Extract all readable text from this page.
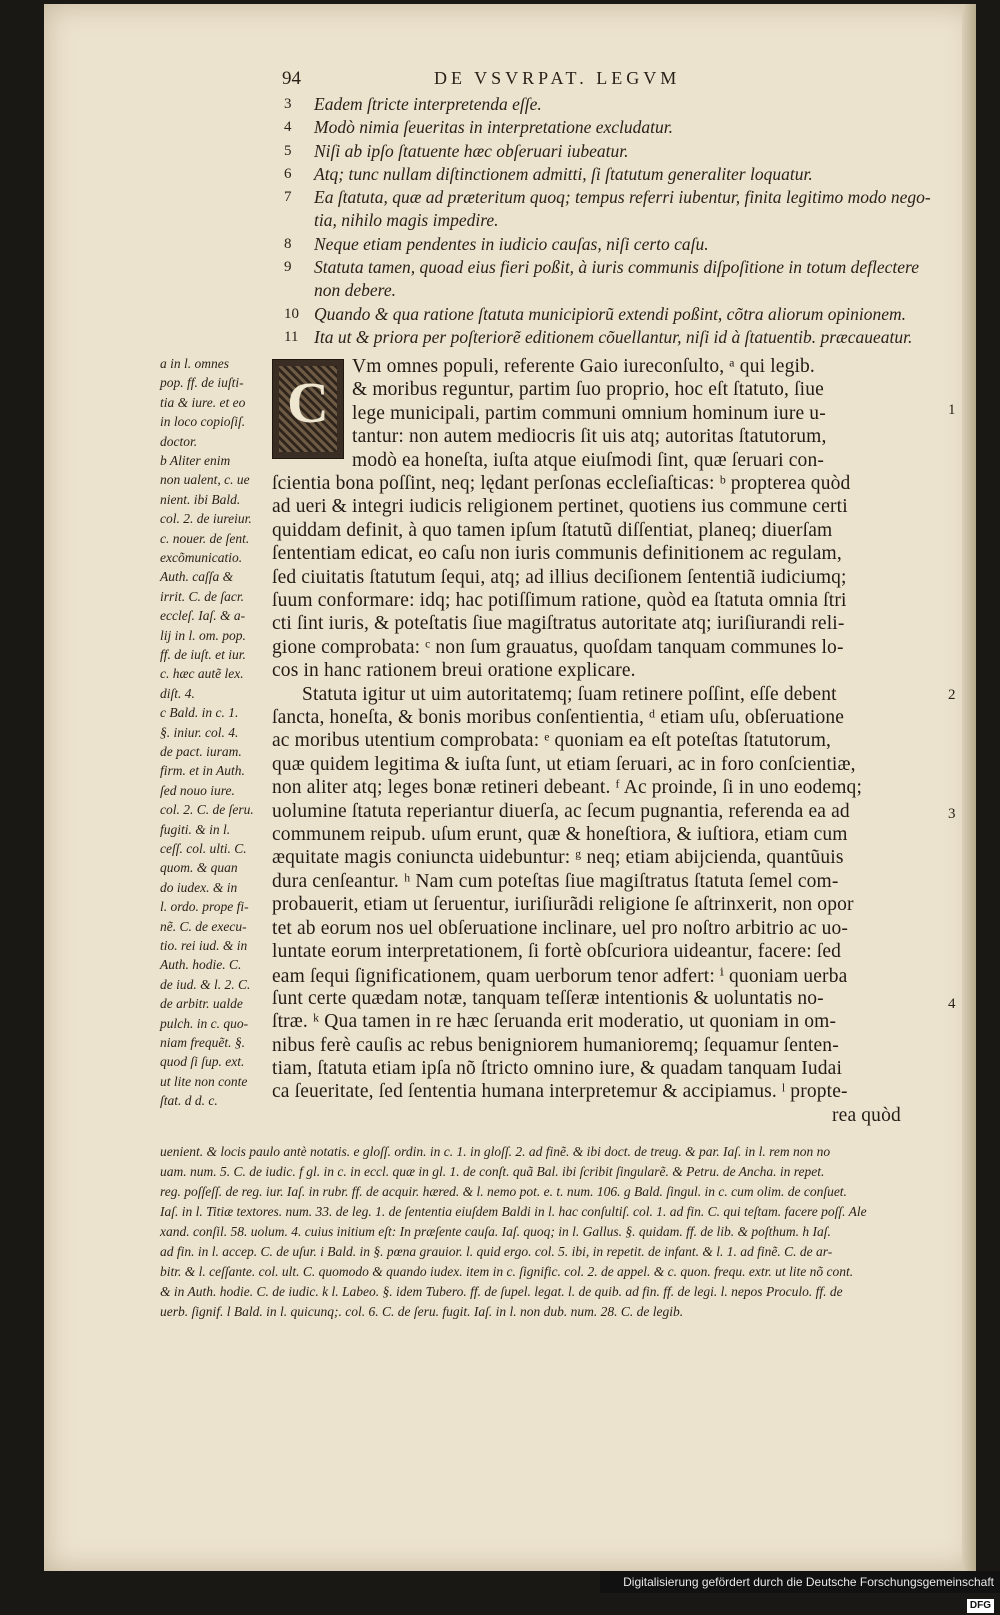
94	DE VSVRPAT. LEGVM
3	Eadem ſtricte interpretenda eſſe.
4	Modò nimia ſeueritas in interpretatione excludatur.
5	Niſi ab ipſo ſtatuente hæc obſeruari iubeatur.
6	Atq; tunc nullam diſtinctionem admitti, ſi ſtatutum generaliter loquatur.
7	Ea ſtatuta, quæ ad præteritum quoq; tempus referri iubentur, finita legitimo modo nego-
tia, nihilo magis impedire.
8	Neque etiam pendentes in iudicio cauſas, niſi certo caſu.
9	Statuta tamen, quoad eius fieri poßit, à iuris communis diſpoſitione in totum deflectere
non debere.
10 Quando & qua ratione ſtatuta municipiorũ extendi poßint, cõtra aliorum opinionem.
11 Ita ut & priora per poſteriorẽ editionem cõuellantur, niſi id à ſtatuentib. præcaueatur.
C
Vm omnes populi, referente Gaio iureconſulto, ᵃ qui legib.
& moribus reguntur, partim ſuo proprio, hoc eſt ſtatuto, ſiue
lege municipali, partim communi omnium hominum iure u-
tantur: non autem mediocris ſit uis atq; autoritas ſtatutorum,
modò ea honeſta, iuſta atque eiuſmodi ſint, quæ ſeruari con-
ſcientia bona poſſint, neq; lędant perſonas eccleſiaſticas: ᵇ propterea quòd
ad ueri & integri iudicis religionem pertinet, quotiens ius commune certi
quiddam definit, à quo tamen ipſum ſtatutũ diſſentiat, planeq; diuerſam
ſententiam edicat, eo caſu non iuris communis definitionem ac regulam,
ſed ciuitatis ſtatutum ſequi, atq; ad illius deciſionem ſententiã iudiciumq;
ſuum conformare: idq; hac potiſſimum ratione, quòd ea ſtatuta omnia ſtri
cti ſint iuris, & poteſtatis ſiue magiſtratus autoritate atq; iuriſiurandi reli-
gione comprobata: ᶜ non ſum grauatus, quoſdam tanquam communes lo-
cos in hanc rationem breui oratione explicare.
Statuta igitur ut uim autoritatemq; ſuam retinere poſſint, eſſe debent
ſancta, honeſta, & bonis moribus conſentientia, ᵈ etiam uſu, obſeruatione
ac moribus utentium comprobata: ᵉ quoniam ea eſt poteſtas ſtatutorum,
quæ quidem legitima & iuſta ſunt, ut etiam ſeruari, ac in foro conſcientiæ,
non aliter atq; leges bonæ retineri debeant. ᶠ Ac proinde, ſi in uno eodemq;
uolumine ſtatuta reperiantur diuerſa, ac ſecum pugnantia, referenda ea ad
communem reipub. uſum erunt, quæ & honeſtiora, & iuſtiora, etiam cum
æquitate magis coniuncta uidebuntur: ᵍ neq; etiam abijcienda, quantũuis
dura cenſeantur. ʰ Nam cum poteſtas ſiue magiſtratus ſtatuta ſemel com-
probauerit, etiam ut ſeruentur, iuriſiurãdi religione ſe aſtrinxerit, non opor
tet ab eorum nos uel obſeruatione inclinare, uel pro noſtro arbitrio ac uo-
luntate eorum interpretationem, ſi fortè obſcuriora uideantur, facere: ſed
eam ſequi ſignificationem, quam uerborum tenor adfert: ⁱ quoniam uerba
ſunt certe quædam notæ, tanquam teſſeræ intentionis & uoluntatis no-
ſtræ. ᵏ Qua tamen in re hæc ſeruanda erit moderatio, ut quoniam in om-
nibus ferè cauſis ac rebus benigniorem humanioremq; ſequamur ſenten-
tiam, ſtatuta etiam ipſa nõ ſtricto omnino iure, & quadam tanquam Iudai
ca ſeueritate, ſed ſententia humana interpretemur & accipiamus. ˡ propte-
rea quòd
a in l. omnes
pop. ff. de iuſti-
tia & iure. et eo
in loco copioſiſ.
doctor.
b Aliter enim
non ualent, c. ue
nient. ibi Bald.
col. 2. de iureiur.
c. nouer. de ſent.
excõmunicatio.
Auth. caſſa &
irrit. C. de ſacr.
eccleſ. Iaſ. & a-
lij in l. om. pop.
ff. de iuſt. et iur.
c. hæc autẽ lex.
diſt. 4.
c Bald. in c. 1.
§. iniur. col. 4.
de pact. iuram.
firm. et in Auth.
ſed nouo iure.
col. 2. C. de ſeru.
fugiti. & in l.
ceſſ. col. ulti. C.
quom. & quan
do iudex. & in
l. ordo. prope fi-
nẽ. C. de execu-
tio. rei iud. & in
Auth. hodie. C.
de iud. & l. 2. C.
de arbitr. ualde
pulch. in c. quo-
niam frequẽt. §.
quod ſi ſup. ext.
ut lite non conte
ſtat. d d. c.
1
2
3
4
uenient. & locis paulo antè notatis. e gloſſ. ordin. in c. 1. in gloſſ. 2. ad finẽ. & ibi doct. de treug. & par. Iaſ. in l. rem non no
uam. num. 5. C. de iudic. f gl. in c. in eccl. quæ in gl. 1. de conſt. quã Bal. ibi ſcribit ſingularẽ. & Petru. de Ancha. in repet.
reg. poſſeſſ. de reg. iur. Iaſ. in rubr. ff. de acquir. hæred. & l. nemo pot. e. t. num. 106. g Bald. ſingul. in c. cum olim. de conſuet.
Iaſ. in l. Titiæ textores. num. 33. de leg. 1. de ſententia eiuſdem Baldi in l. hac conſultiſ. col. 1. ad fin. C. qui teſtam. facere poſſ. Ale
xand. conſil. 58. uolum. 4. cuius initium eſt: In præſente cauſa. Iaſ. quoq; in l. Gallus. §. quidam. ff. de lib. & poſthum. h Iaſ.
ad fin. in l. accep. C. de uſur. i Bald. in §. pœna grauior. l. quid ergo. col. 5. ibi, in repetit. de infant. & l. 1. ad finẽ. C. de ar-
bitr. & l. ceſſante. col. ult. C. quomodo & quando iudex. item in c. ſignific. col. 2. de appel. & c. quon. frequ. extr. ut lite nõ cont.
& in Auth. hodie. C. de iudic. k l. Labeo. §. idem Tubero. ff. de ſupel. legat. l. de quib. ad fin. ff. de legi. l. nepos Proculo. ff. de
uerb. ſignif. l Bald. in l. quicunq;. col. 6. C. de ſeru. fugit. Iaſ. in l. non dub. num. 28. C. de legib.
Digitalisierung gefördert durch die Deutsche Forschungsgemeinschaft DFG
